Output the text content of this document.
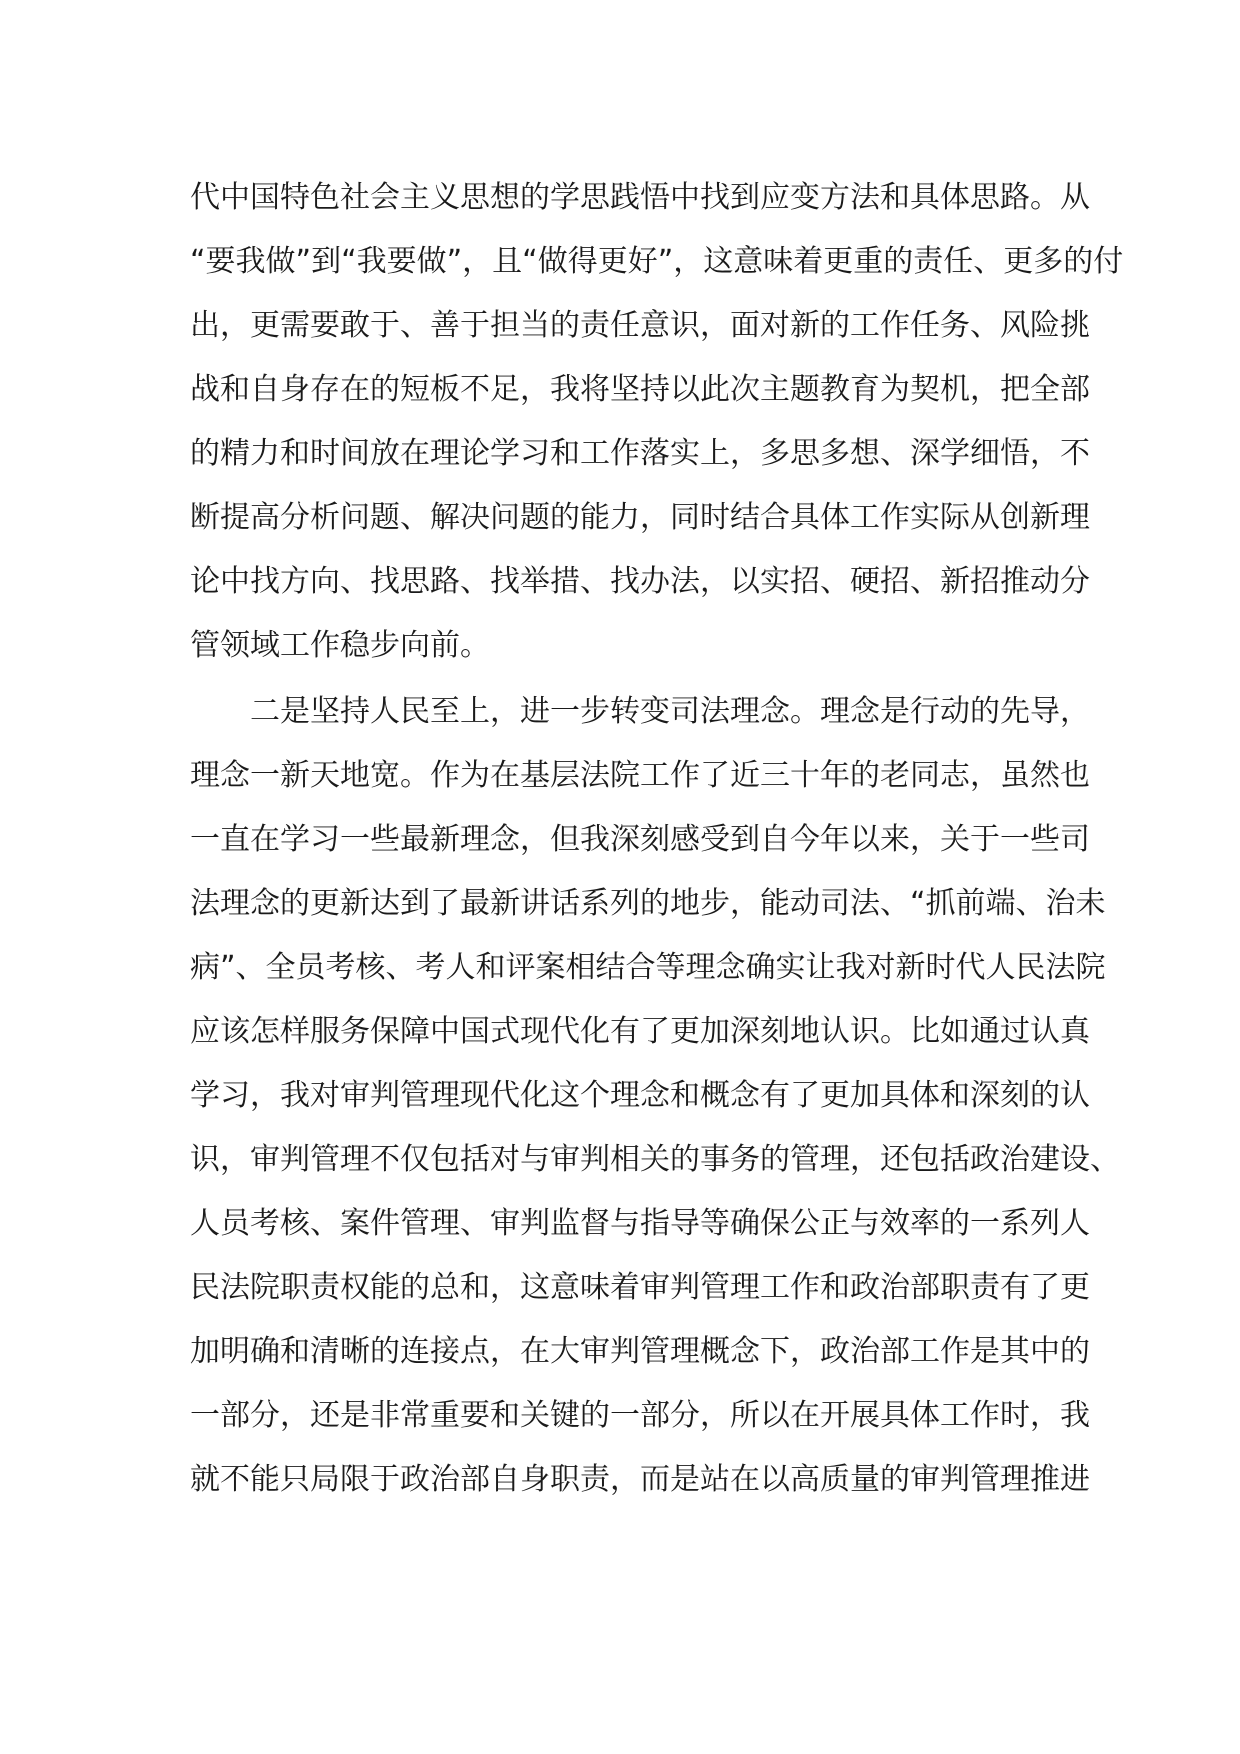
代中国特色社会主义思想的学思践悟中找到应变方法和具体思路。从
“要我做”到“我要做”，且“做得更好”，这意味着更重的责任、更多的付
出，更需要敢于、善于担当的责任意识，面对新的工作任务、风险挑
战和自身存在的短板不足，我将坚持以此次主题教育为契机，把全部
的精力和时间放在理论学习和工作落实上，多思多想、深学细悟，不
断提高分析问题、解决问题的能力，同时结合具体工作实际从创新理
论中找方向、找思路、找举措、找办法，以实招、硬招、新招推动分
管领域工作稳步向前。
　　二是坚持人民至上，进一步转变司法理念。理念是行动的先导，
理念一新天地宽。作为在基层法院工作了近三十年的老同志，虽然也
一直在学习一些最新理念，但我深刻感受到自今年以来，关于一些司
法理念的更新达到了最新讲话系列的地步，能动司法、“抓前端、治未
病”、全员考核、考人和评案相结合等理念确实让我对新时代人民法院
应该怎样服务保障中国式现代化有了更加深刻地认识。比如通过认真
学习，我对审判管理现代化这个理念和概念有了更加具体和深刻的认
识，审判管理不仅包括对与审判相关的事务的管理，还包括政治建设、
人员考核、案件管理、审判监督与指导等确保公正与效率的一系列人
民法院职责权能的总和，这意味着审判管理工作和政治部职责有了更
加明确和清晰的连接点，在大审判管理概念下，政治部工作是其中的
一部分，还是非常重要和关键的一部分，所以在开展具体工作时，我
就不能只局限于政治部自身职责，而是站在以高质量的审判管理推进
